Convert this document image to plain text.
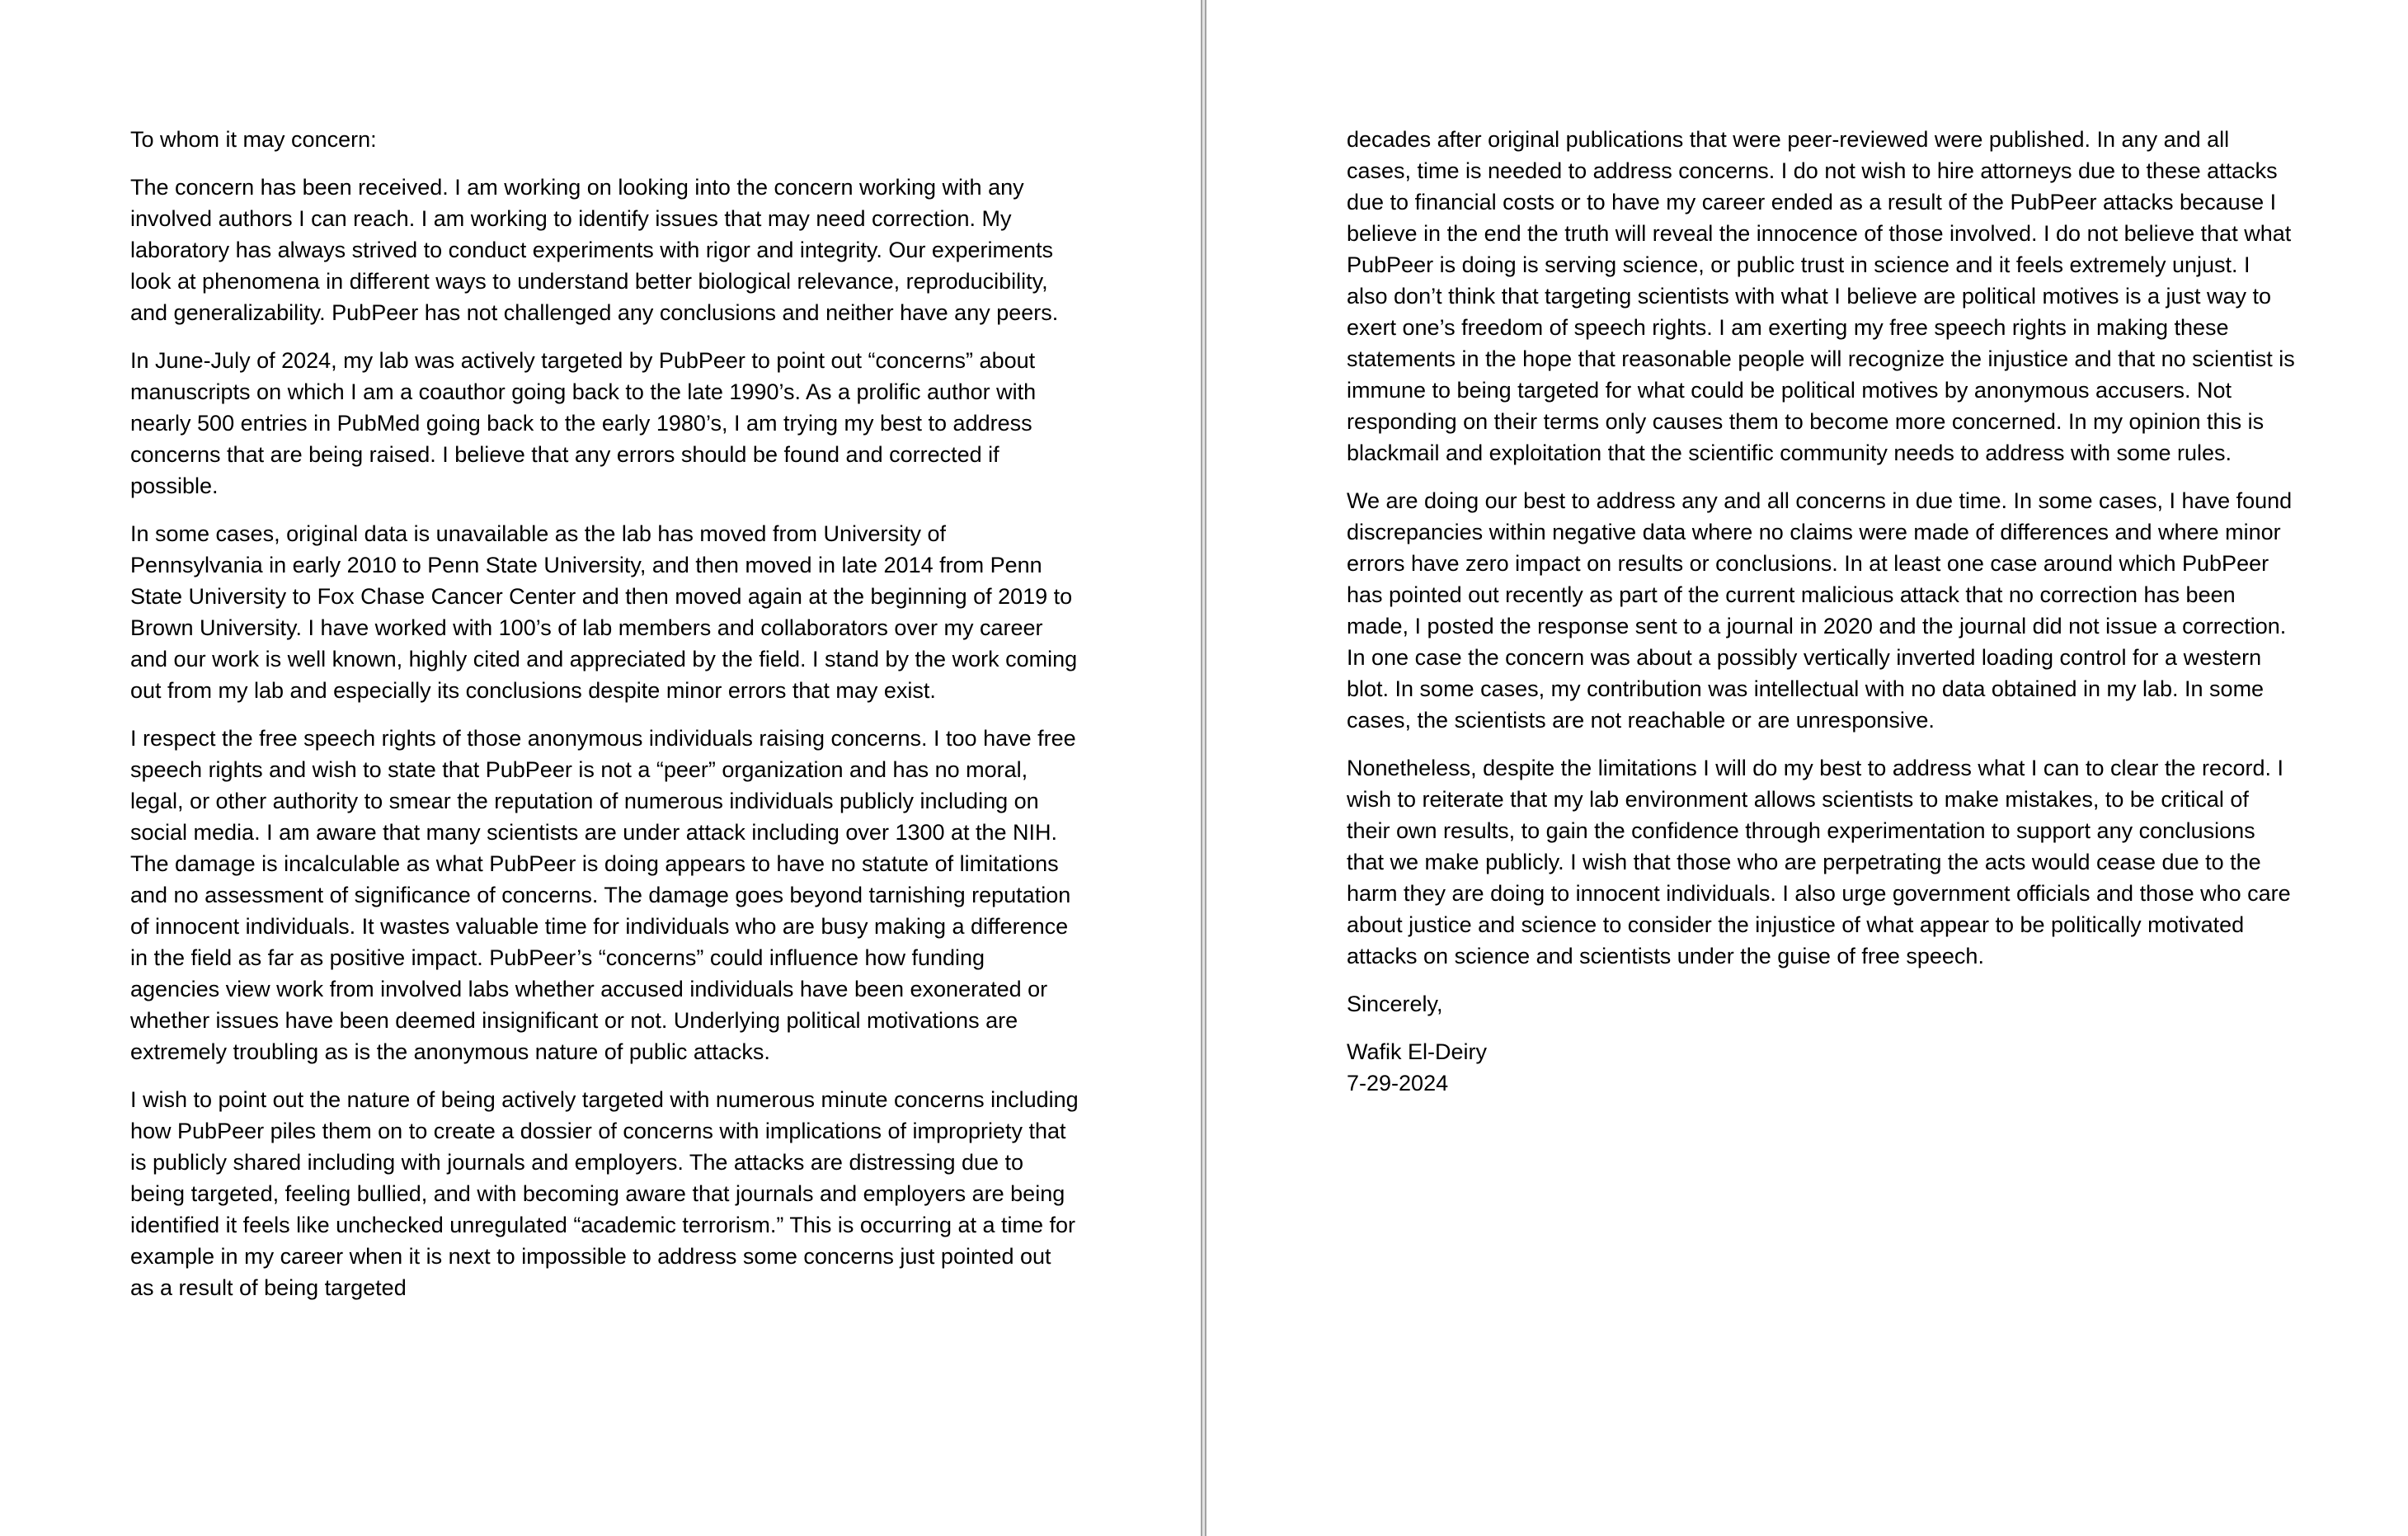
To whom it may concern:

The concern has been received. I am working on looking into the concern working with any involved authors I can reach. I am working to identify issues that may need correction. My laboratory has always strived to conduct experiments with rigor and integrity. Our experiments look at phenomena in different ways to understand better biological relevance, reproducibility, and generalizability. PubPeer has not challenged any conclusions and neither have any peers.

In June-July of 2024, my lab was actively targeted by PubPeer to point out “concerns” about manuscripts on which I am a coauthor going back to the late 1990’s. As a prolific author with nearly 500 entries in PubMed going back to the early 1980’s, I am trying my best to address concerns that are being raised. I believe that any errors should be found and corrected if possible.

In some cases, original data is unavailable as the lab has moved from University of Pennsylvania in early 2010 to Penn State University, and then moved in late 2014 from Penn State University to Fox Chase Cancer Center and then moved again at the beginning of 2019 to Brown University. I have worked with 100’s of lab members and collaborators over my career and our work is well known, highly cited and appreciated by the field. I stand by the work coming out from my lab and especially its conclusions despite minor errors that may exist.

I respect the free speech rights of those anonymous individuals raising concerns. I too have free speech rights and wish to state that PubPeer is not a “peer” organization and has no moral, legal, or other authority to smear the reputation of numerous individuals publicly including on social media. I am aware that many scientists are under attack including over 1300 at the NIH. The damage is incalculable as what PubPeer is doing appears to have no statute of limitations and no assessment of significance of concerns. The damage goes beyond tarnishing reputation of innocent individuals. It wastes valuable time for individuals who are busy making a difference in the field as far as positive impact. PubPeer’s “concerns” could influence how funding agencies view work from involved labs whether accused individuals have been exonerated or whether issues have been deemed insignificant or not. Underlying political motivations are extremely troubling as is the anonymous nature of public attacks.

I wish to point out the nature of being actively targeted with numerous minute concerns including how PubPeer piles them on to create a dossier of concerns with implications of impropriety that is publicly shared including with journals and employers. The attacks are distressing due to being targeted, feeling bullied, and with becoming aware that journals and employers are being identified it feels like unchecked unregulated “academic terrorism.” This is occurring at a time for example in my career when it is next to impossible to address some concerns just pointed out as a result of being targeted

decades after original publications that were peer-reviewed were published. In any and all cases, time is needed to address concerns. I do not wish to hire attorneys due to these attacks due to financial costs or to have my career ended as a result of the PubPeer attacks because I believe in the end the truth will reveal the innocence of those involved. I do not believe that what PubPeer is doing is serving science, or public trust in science and it feels extremely unjust. I also don’t think that targeting scientists with what I believe are political motives is a just way to exert one’s freedom of speech rights. I am exerting my free speech rights in making these statements in the hope that reasonable people will recognize the injustice and that no scientist is immune to being targeted for what could be political motives by anonymous accusers. Not responding on their terms only causes them to become more concerned. In my opinion this is blackmail and exploitation that the scientific community needs to address with some rules.

We are doing our best to address any and all concerns in due time. In some cases, I have found discrepancies within negative data where no claims were made of differences and where minor errors have zero impact on results or conclusions. In at least one case around which PubPeer has pointed out recently as part of the current malicious attack that no correction has been made, I posted the response sent to a journal in 2020 and the journal did not issue a correction. In one case the concern was about a possibly vertically inverted loading control for a western blot. In some cases, my contribution was intellectual with no data obtained in my lab. In some cases, the scientists are not reachable or are unresponsive.

Nonetheless, despite the limitations I will do my best to address what I can to clear the record. I wish to reiterate that my lab environment allows scientists to make mistakes, to be critical of their own results, to gain the confidence through experimentation to support any conclusions that we make publicly. I wish that those who are perpetrating the acts would cease due to the harm they are doing to innocent individuals. I also urge government officials and those who care about justice and science to consider the injustice of what appear to be politically motivated attacks on science and scientists under the guise of free speech.

Sincerely,

Wafik El-Deiry
7-29-2024
